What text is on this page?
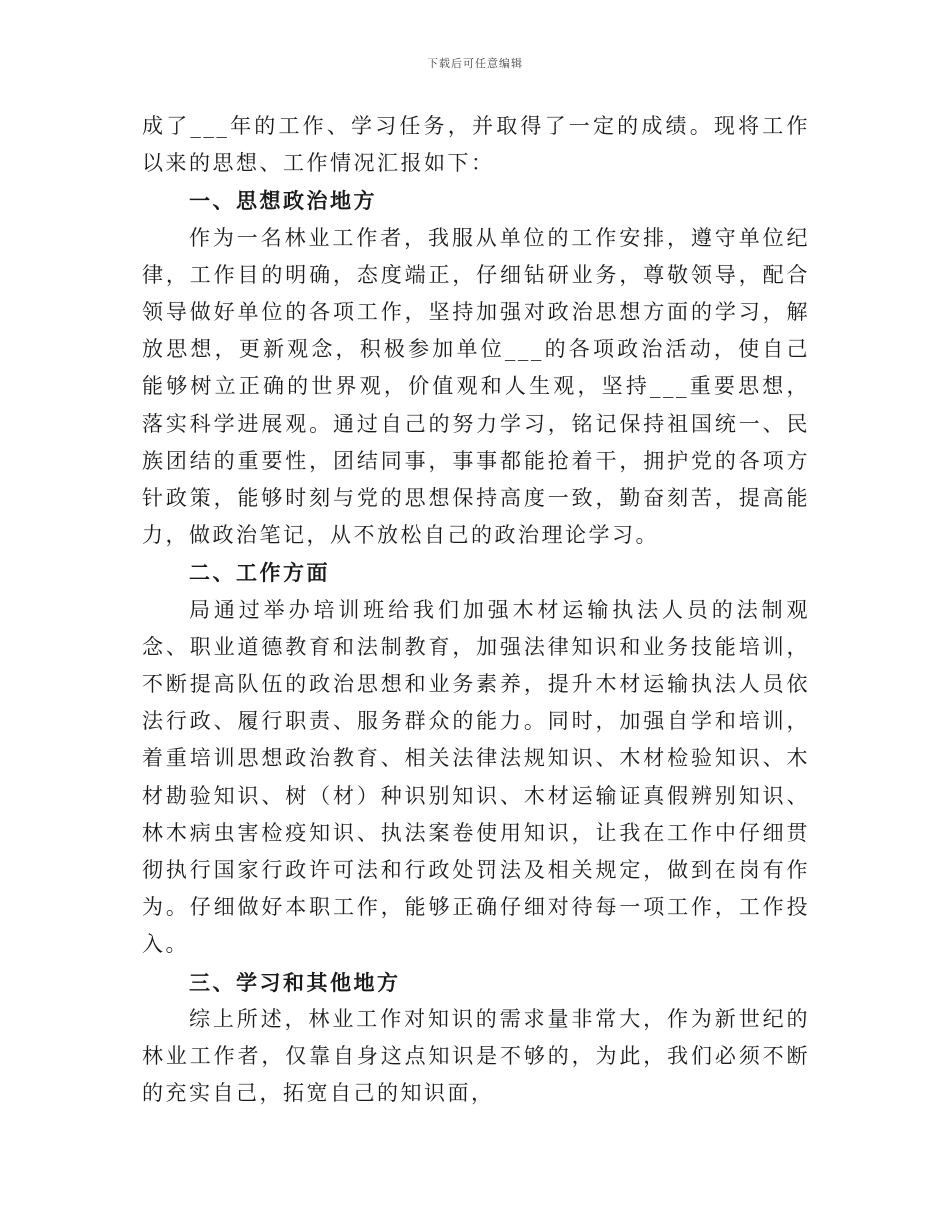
下载后可任意编辑

成了___年的工作、学习任务，并取得了一定的成绩。现将工作以来的思想、工作情况汇报如下：

一、思想政治地方

作为一名林业工作者，我服从单位的工作安排，遵守单位纪律，工作目的明确，态度端正，仔细钻研业务，尊敬领导，配合领导做好单位的各项工作，坚持加强对政治思想方面的学习，解放思想，更新观念，积极参加单位___的各项政治活动，使自己能够树立正确的世界观，价值观和人生观，坚持___重要思想，落实科学进展观。通过自己的努力学习，铭记保持祖国统一、民族团结的重要性，团结同事，事事都能抢着干，拥护党的各项方针政策，能够时刻与党的思想保持高度一致，勤奋刻苦，提高能力，做政治笔记，从不放松自己的政治理论学习。

二、工作方面

局通过举办培训班给我们加强木材运输执法人员的法制观念、职业道德教育和法制教育，加强法律知识和业务技能培训，不断提高队伍的政治思想和业务素养，提升木材运输执法人员依法行政、履行职责、服务群众的能力。同时，加强自学和培训，着重培训思想政治教育、相关法律法规知识、木材检验知识、木材勘验知识、树（材）种识别知识、木材运输证真假辨别知识、林木病虫害检疫知识、执法案卷使用知识，让我在工作中仔细贯彻执行国家行政许可法和行政处罚法及相关规定，做到在岗有作为。仔细做好本职工作，能够正确仔细对待每一项工作，工作投入。

三、学习和其他地方

综上所述，林业工作对知识的需求量非常大，作为新世纪的林业工作者，仅靠自身这点知识是不够的，为此，我们必须不断的充实自己，拓宽自己的知识面，
